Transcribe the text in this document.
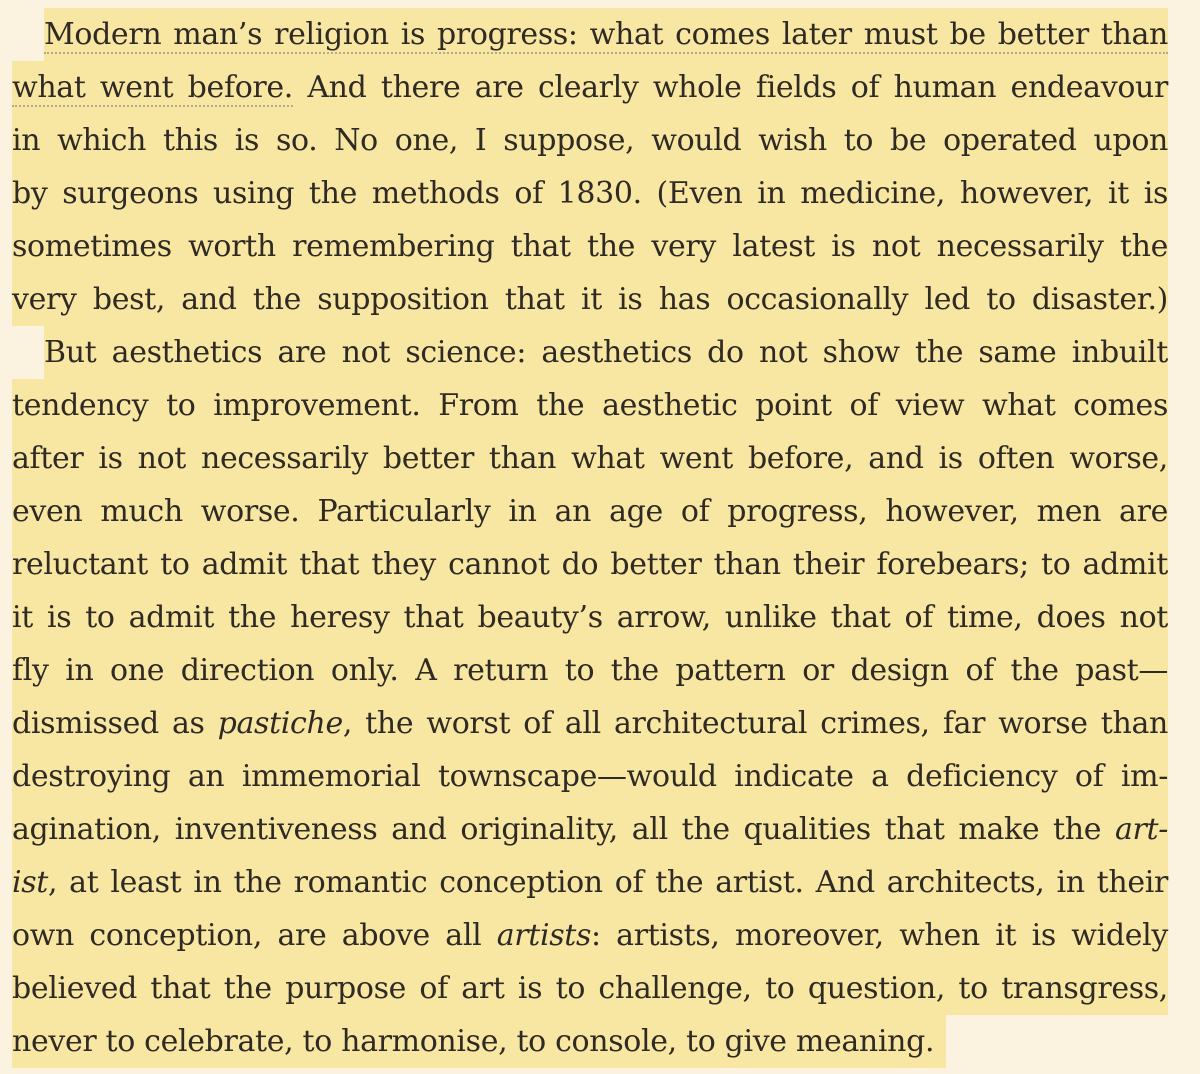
Modern man’s religion is progress: what comes later must be better than
what went before. And there are clearly whole fields of human endeavour
in which this is so. No one, I suppose, would wish to be operated upon
by surgeons using the methods of 1830. (Even in medicine, however, it is
sometimes worth remembering that the very latest is not necessarily the
very best, and the supposition that it is has occasionally led to disaster.)
But aesthetics are not science: aesthetics do not show the same inbuilt
tendency to improvement. From the aesthetic point of view what comes
after is not necessarily better than what went before, and is often worse,
even much worse. Particularly in an age of progress, however, men are
reluctant to admit that they cannot do better than their forebears; to admit
it is to admit the heresy that beauty’s arrow, unlike that of time, does not
fly in one direction only. A return to the pattern or design of the past—
dismissed as pastiche, the worst of all architectural crimes, far worse than
destroying an immemorial townscape—would indicate a deficiency of im-
agination, inventiveness and originality, all the qualities that make the art-
ist, at least in the romantic conception of the artist. And architects, in their
own conception, are above all artists: artists, moreover, when it is widely
believed that the purpose of art is to challenge, to question, to transgress,
never to celebrate, to harmonise, to console, to give meaning.
